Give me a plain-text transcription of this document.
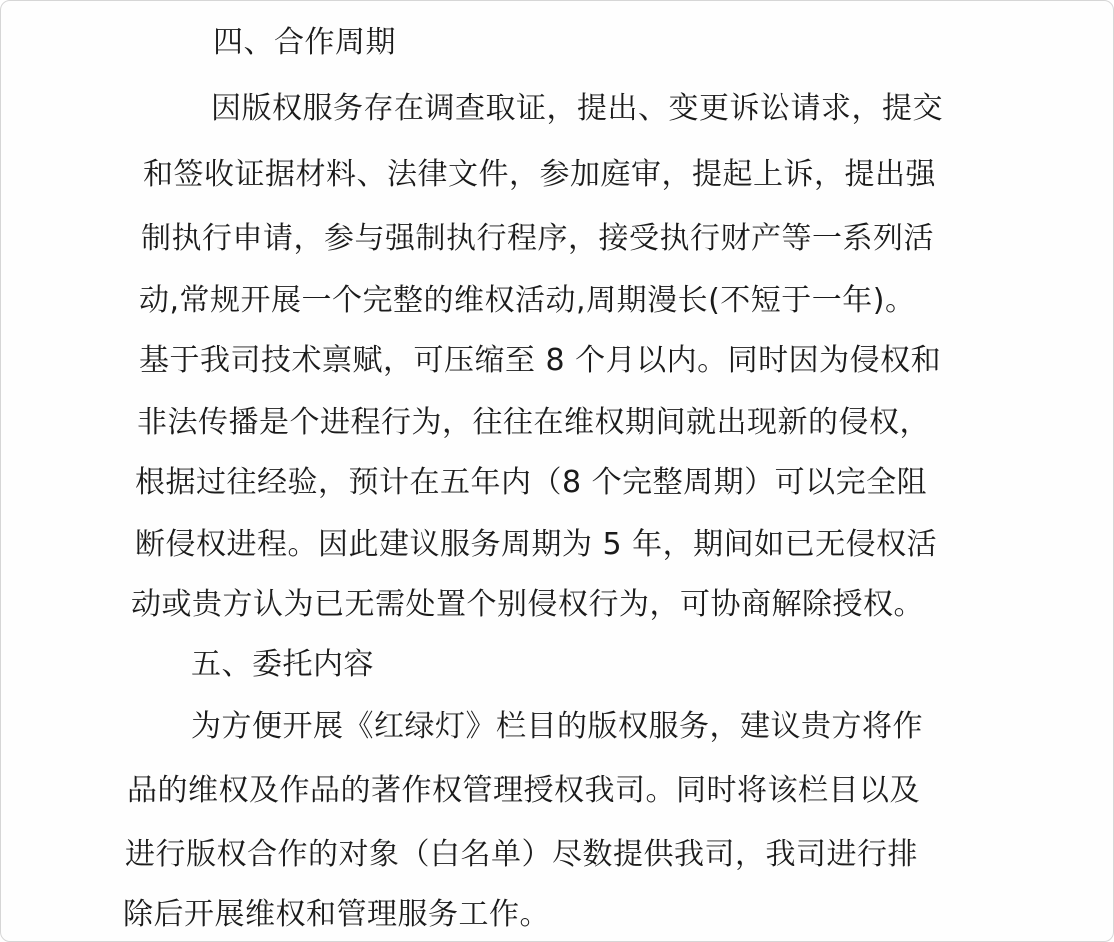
四、合作周期

因版权服务存在调查取证，提出、变更诉讼请求，提交

和签收证据材料、法律文件，参加庭审，提起上诉，提出强

制执行申请，参与强制执行程序，接受执行财产等一系列活

动,常规开展一个完整的维权活动,周期漫长(不短于一年)。

基于我司技术禀赋，可压缩至 8 个月以内。同时因为侵权和

非法传播是个进程行为，往往在维权期间就出现新的侵权，

根据过往经验，预计在五年内（8 个完整周期）可以完全阻

断侵权进程。因此建议服务周期为 5 年，期间如已无侵权活

动或贵方认为已无需处置个别侵权行为，可协商解除授权。

五、委托内容

为方便开展《红绿灯》栏目的版权服务，建议贵方将作

品的维权及作品的著作权管理授权我司。同时将该栏目以及

进行版权合作的对象（白名单）尽数提供我司，我司进行排

除后开展维权和管理服务工作。
